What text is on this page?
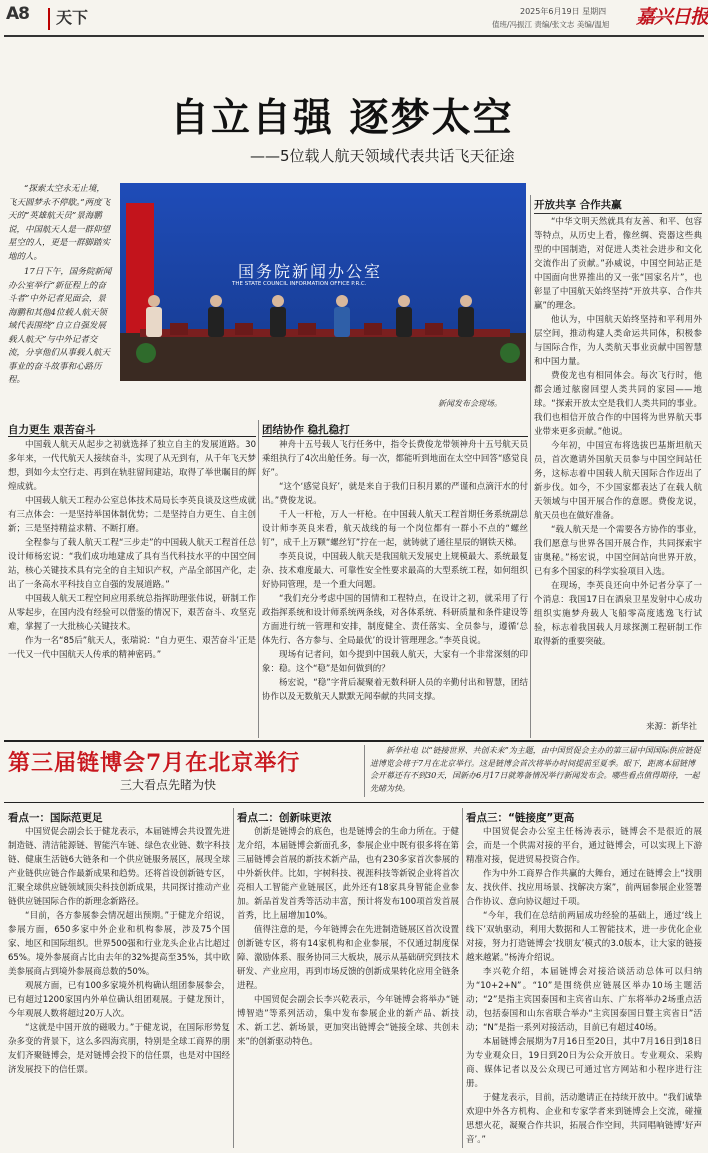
A8 天下	2025年6月19日 星期四
值班/冯振江 责编/张文志 美编/温旭 嘉兴日报
自立自强 逐梦太空
——5位载人航天领域代表共话飞天征途

“探索太空永无止境，飞天圆梦永不停歇。”两度飞天的“英雄航天员”景海鹏说，中国航天人是一群仰望星空的人，更是一群脚踏实地的人。

17日下午，国务院新闻办公室举行“新征程上的奋斗者”中外记者见面会，景海鹏和其他4位载人航天领域代表围绕“自立自强发展载人航天”与中外记者交流，分享他们从事载人航天事业的奋斗故事和心路历程。

国务院新闻办公室
THE STATE COUNCIL INFORMATION OFFICE P.R.C.
新闻发布会现场。
自力更生 艰苦奋斗

中国载人航天从起步之初就选择了独立自主的发展道路。30多年来，一代代航天人接续奋斗，实现了从无到有，从千年飞天梦想，到如今太空行走、再到在轨驻留间建站，取得了举世瞩目的辉煌成就。

中国载人航天工程办公室总体技术局局长李英良谈及这些成就有三点体会：一是坚持举国体制优势；二是坚持自力更生、自主创新；三是坚持精益求精、不断打磨。

全程参与了载人航天工程“三步走”的中国载人航天工程首任总设计师杨宏说：“我们成功地建成了具有当代科技水平的中国空间站，核心关键技术具有完全的自主知识产权，产品全部国产化，走出了一条高水平科技自立自强的发展道路。”

中国载人航天工程空间应用系统总指挥助理张伟说，研制工作从零起步，在国内没有经验可以借鉴的情况下，艰苦奋斗、攻坚克难，掌握了一大批核心关键技术。

作为一名“85后”航天人，张瑞说：“自力更生、艰苦奋斗’正是一代又一代中国航天人传承的精神密码。”

团结协作 稳扎稳打

神舟十五号载人飞行任务中，指令长费俊龙带领神舟十五号航天员乘组执行了4次出舱任务。每一次，都能听到地面在太空中回答“感觉良好”。

“这个‘感觉良好’，就是来自于我们日积月累的严谨和点滴汗水的付出。”费俊龙说。

千人一杆枪，万人一杆枪。在中国载人航天工程首期任务系统副总设计师李英良来看，航天战线的每一个岗位都有一群小不点的“螺丝钉”，成千上万颗“螺丝钉”拧在一起，就铸就了通往星辰的钢铁天梯。

李英良说，中国载人航天是我国航天发展史上规模最大、系统最复杂、技术难度最大、可靠性安全性要求最高的大型系统工程，如何组织好协同管理，是一个重大问题。

“我们充分考虑中国的国情和工程特点，在设计之初，就采用了行政指挥系统和设计师系统两条线，对各体系统、科研质量和条件建设等方面进行统一管理和安排，制度健全、责任落实、全员参与，遵循‘总体先行、各方参与、全局最优’的设计管理理念。”李英良说。

现场有记者问，如今提到中国载人航天，大家有一个非常深刻的印象：稳。这个“稳”是如何做到的？

杨宏说，“稳”字背后凝聚着无数科研人员的辛勤付出和智慧，团结协作以及无数航天人默默无闻奉献的共同支撑。

开放共享 合作共赢

“中华文明天然就具有友善、和平、包容等特点，从历史上看，像丝绸、瓷器这些典型的中国制造，对促进人类社会进步和文化交流作出了贡献。”孙威说，中国空间站正是中国面向世界推出的又一张“国家名片”，也彰显了中国航天始终坚持“开放共享、合作共赢”的理念。

他认为，中国航天始终坚持和平利用外层空间，推动构建人类命运共同体，积极参与国际合作，为人类航天事业贡献中国智慧和中国力量。

费俊龙也有相同体会。每次飞行时，他都会通过舷窗回望人类共同的家园——地球。“探索开放太空是我们人类共同的事业。我们也相信开放合作的中国将为世界航天事业带来更多贡献。”他说。

今年初，中国宣布将选拔巴基斯坦航天员，首次邀请外国航天员参与中国空间站任务，这标志着中国载人航天国际合作迈出了新步伐。如今，不少国家都表达了在载人航天领域与中国开展合作的意愿。费俊龙说，航天员也在做好准备。

“载人航天是一个需要各方协作的事业，我们愿意与世界各国开展合作，共同探索宇宙奥秘。”杨宏说，中国空间站向世界开放，已有多个国家的科学实验项目入选。

在现场，李英良还向中外记者分享了一个消息：我国17日在酒泉卫星发射中心成功组织实施梦舟载人飞船零高度逃逸飞行试验，标志着我国载人月球探测工程研制工作取得新的重要突破。

来源：新华社
第三届链博会7月在北京举行
三大看点先睹为快

新华社电 以“链接世界、共创未来”为主题，由中国贸促会主办的第三届中国国际供应链促进博览会将于7月在北京举行。这是链博会首次将举办时间提前至夏季。眼下，距离本届链博会开幕还有不到30天，国新办6月17日就筹备情况举行新闻发布会。哪些看点值得期待，一起先睹为快。

看点一：国际范更足

中国贸促会副会长于健龙表示，本届链博会共设置先进制造链、清洁能源链、智能汽车链、绿色农业链、数字科技链、健康生活链6大链条和一个供应链服务展区，展现全球产业链供应链合作最新成果和趋势。还将首设创新链专区，汇聚全球供应链领域顶尖科技创新成果，共同探讨推动产业链供应链国际合作的新理念新路径。

“目前，各方参展参会情况超出预期。”于健龙介绍说，参展方面，650多家中外企业和机构参展，涉及75个国家、地区和国际组织。世界500强和行业龙头企业占比超过65%。境外参展商占比由去年的32%提高至35%，其中欧美参展商占到境外参展商总数的50%。

观展方面，已有100多家境外机构确认组团参展参会，已有超过1200家国内外单位确认组团观展。于健龙预计，今年观展人数将超过20万人次。

“这就是中国开放的磁吸力。”于健龙说，在国际形势复杂多变的背景下，这么多四海宾朋，特别是全球工商界的朋友们齐聚链博会，是对链博会投下的信任票，也是对中国经济发展投下的信任票。

看点二：创新味更浓

创新是链博会的底色，也是链博会的生命力所在。于健龙介绍，本届链博会新面孔多，参展企业中既有很多将在第三届链博会首展的新技术新产品，也有230多家首次参展的中外新伙伴。比如，宇树科技、视涯科技等新锐企业将首次亮相人工智能产业链展区，此外还有18家具身智能企业参加。新品首发首秀等活动丰富，预计将发布100项首发首展首秀，比上届增加10%。

值得注意的是，今年链博会在先进制造链展区首次设置创新链专区，将有14家机构和企业参展，不仅通过制度保障、激励体系、服务协同三大板块，展示从基础研究到技术研发、产业应用，再到市场反馈的创新成果转化应用全链条进程。

中国贸促会副会长李兴乾表示，今年链博会将举办“链博智造”等系列活动，集中发布参展企业的新产品、新技术、新工艺、新场景，更加突出链博会“链接全球、共创未来”的创新驱动特色。

看点三：“链接度”更高

中国贸促会办公室主任杨涛表示，链博会不是很近的展会，而是一个供需对接的平台，通过链博会，可以实现上下游精准对接，促进贸易投资合作。

作为中外工商界合作共赢的大舞台，通过在链博会上“找朋友、找伙伴、找应用场景、找解决方案”，前两届参展企业签署合作协议、意向协议超过千项。

“今年，我们在总结前两届成功经验的基础上，通过‘线上线下’双轨驱动，利用大数据和人工智能技术，进一步优化企业对接，努力打造链博会‘找朋友’模式的3.0版本，让大家的链接越来越紧。”杨涛介绍说。

李兴乾介绍，本届链博会对接洽谈活动总体可以归纳为“10+2+N”。“10”是围绕供应链展区举办10场主题活动；“2”是指主宾国泰国和主宾省山东、广东将举办2场重点活动，包括泰国和山东省联合举办“主宾国泰国日暨主宾省日”活动；“N”是指一系列对接活动，目前已有超过40场。

本届链博会展期为7月16日至20日，其中7月16日到18日为专业观众日，19日到20日为公众开放日。专业观众、采购商、媒体记者以及公众现已可通过官方网站和小程序进行注册。

于健龙表示，目前，活动邀请正在持续开放中。“我们诚挚欢迎中外各方机构、企业和专家学者来到链博会上交流，碰撞思想火花，凝聚合作共识，拓展合作空间，共同唱响链博‘好声音’。”
